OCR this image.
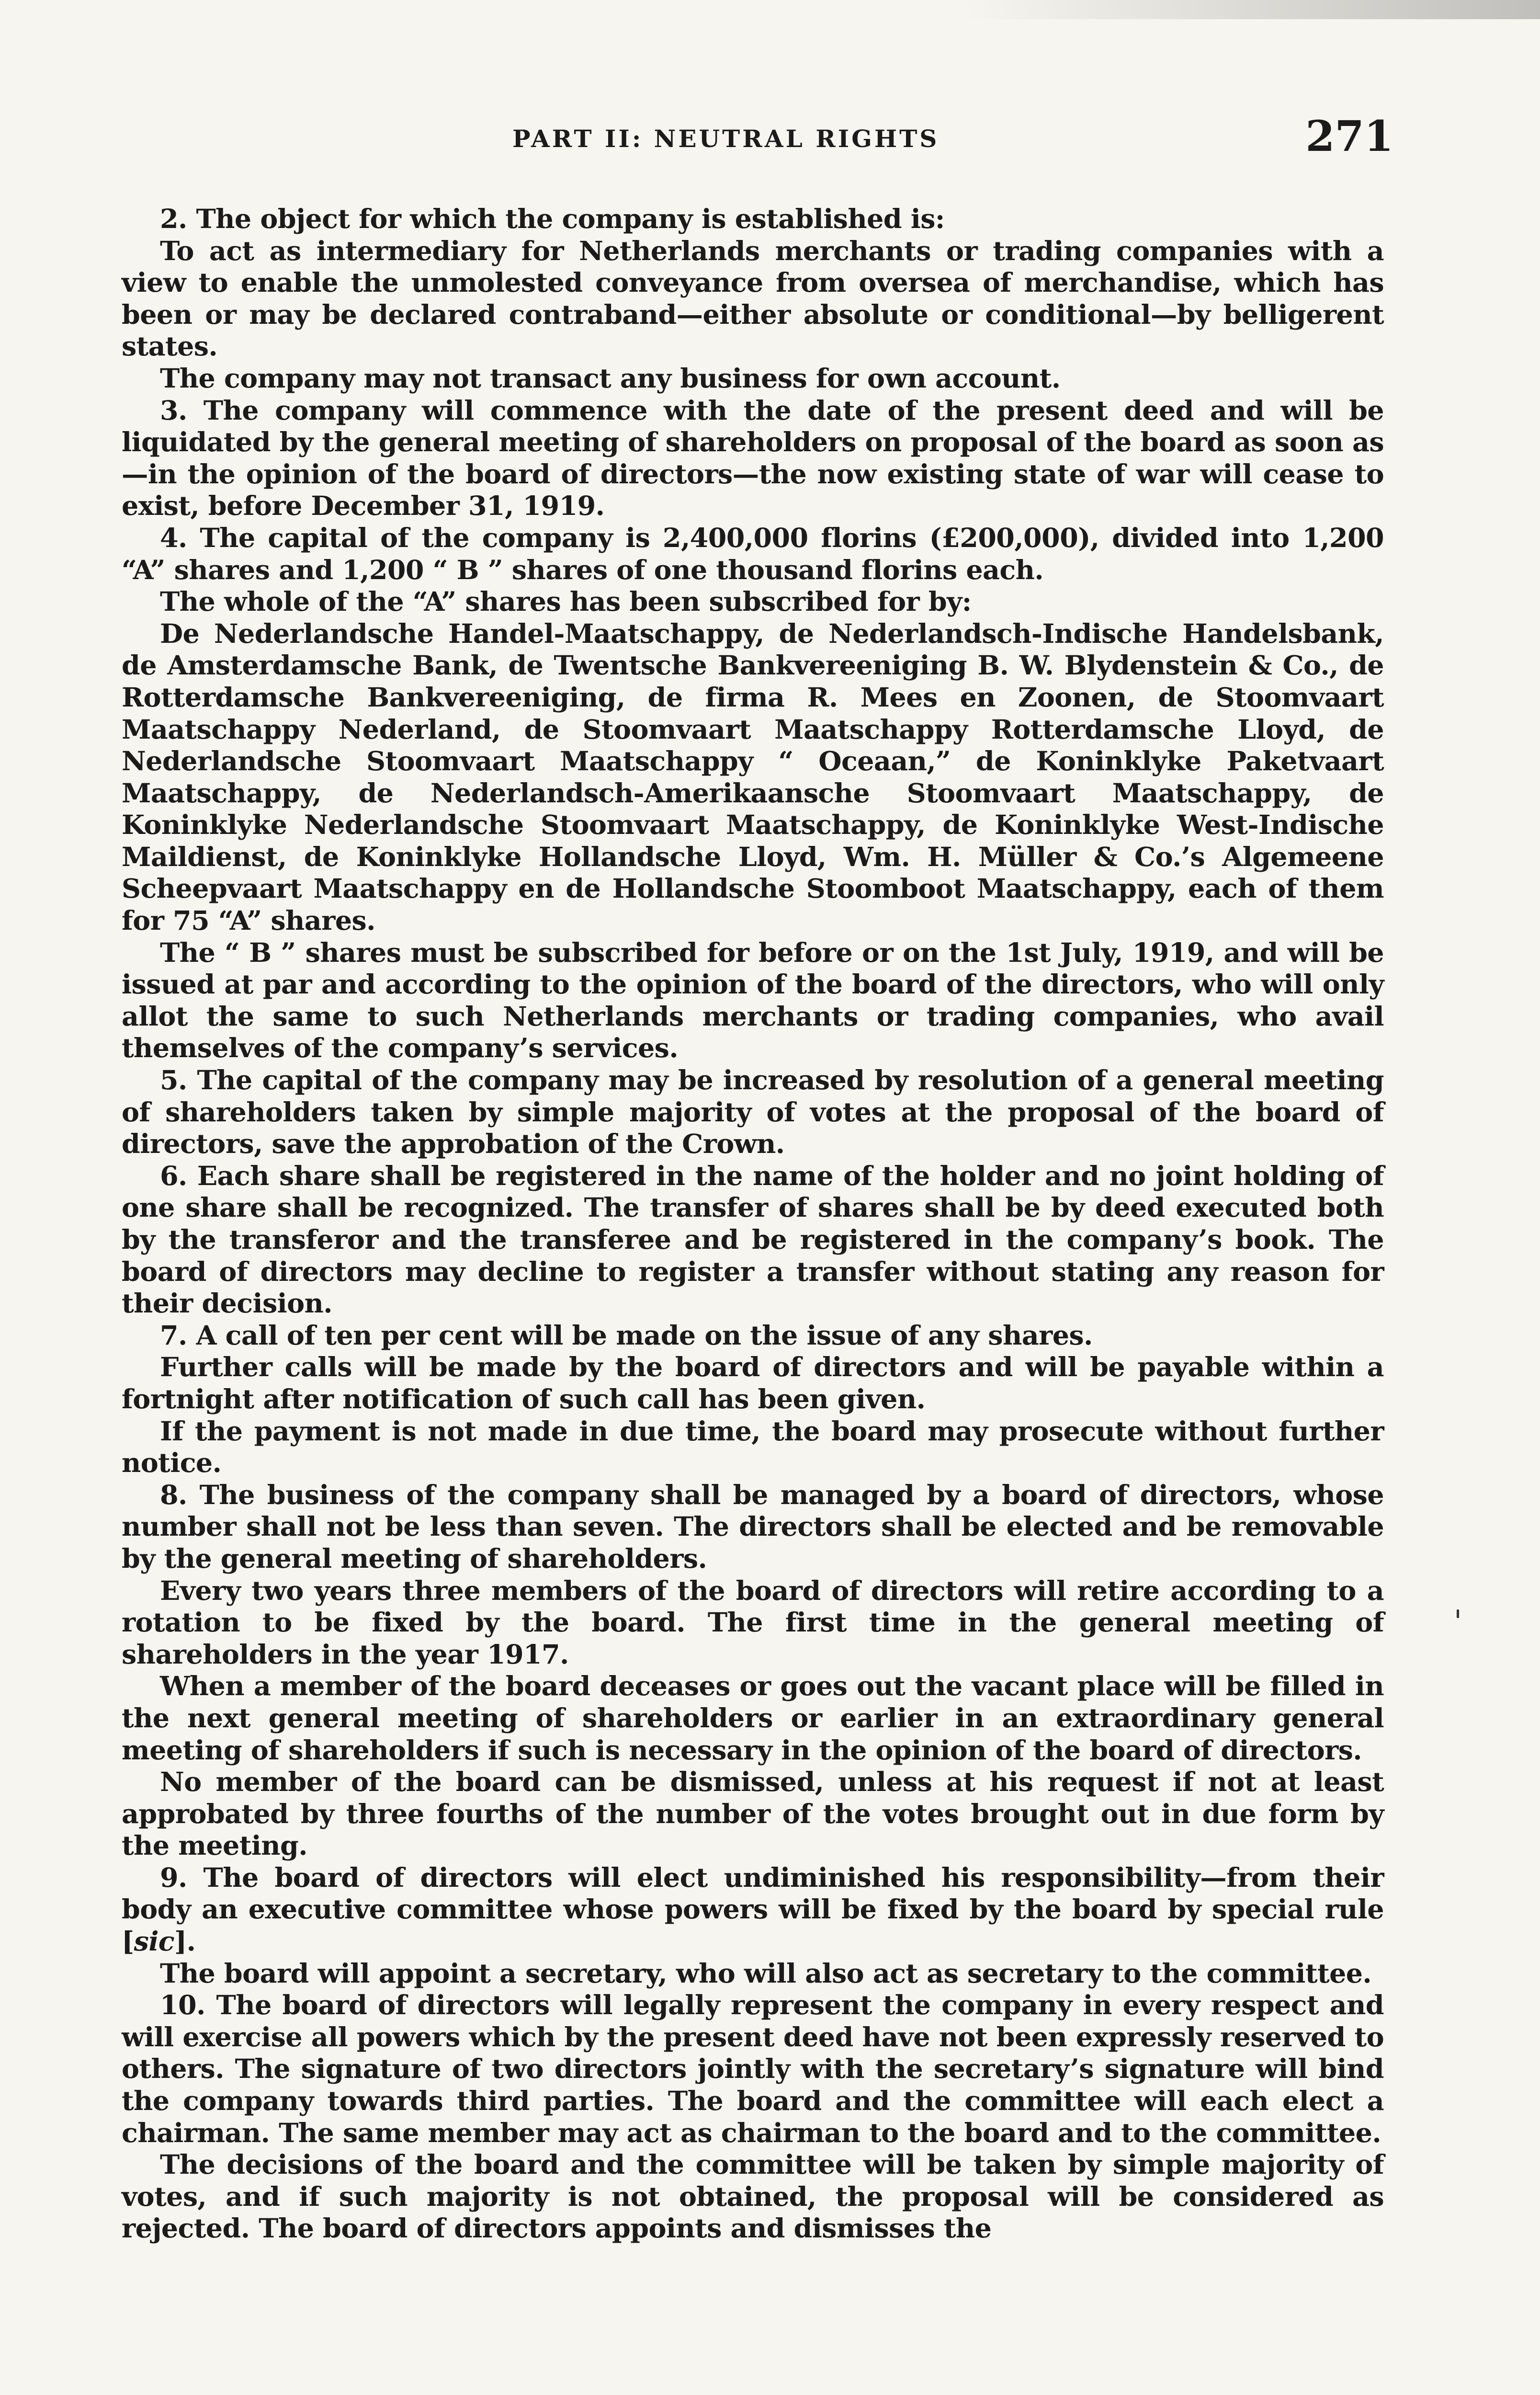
PART II: NEUTRAL RIGHTS	271

2. The object for which the company is established is:

To act as intermediary for Netherlands merchants or trading companies with a view to enable the unmolested conveyance from oversea of merchandise, which has been or may be declared contraband—either absolute or conditional—by belligerent states.

The company may not transact any business for own account.

3. The company will commence with the date of the present deed and will be liquidated by the general meeting of shareholders on proposal of the board as soon as—in the opinion of the board of directors—the now existing state of war will cease to exist, before December 31, 1919.

4. The capital of the company is 2,400,000 florins (£200,000), divided into 1,200 “A” shares and 1,200 “ B ” shares of one thousand florins each.

The whole of the “A” shares has been subscribed for by:

De Nederlandsche Handel-Maatschappy, de Nederlandsch-Indische Handelsbank, de Amsterdamsche Bank, de Twentsche Bankvereeniging B. W. Blydenstein & Co., de Rotterdamsche Bankvereeniging, de firma R. Mees en Zoonen, de Stoomvaart Maatschappy Nederland, de Stoomvaart Maatschappy Rotterdamsche Lloyd, de Nederlandsche Stoomvaart Maatschappy “ Oceaan,” de Koninklyke Paketvaart Maatschappy, de Nederlandsch-Amerikaansche Stoomvaart Maatschappy, de Koninklyke Nederlandsche Stoomvaart Maatschappy, de Koninklyke West-Indische Maildienst, de Koninklyke Hollandsche Lloyd, Wm. H. Müller & Co.’s Algemeene Scheepvaart Maatschappy en de Hollandsche Stoomboot Maatschappy, each of them for 75 “A” shares.

The “ B ” shares must be subscribed for before or on the 1st July, 1919, and will be issued at par and according to the opinion of the board of the directors, who will only allot the same to such Netherlands merchants or trading companies, who avail themselves of the company’s services.

5. The capital of the company may be increased by resolution of a general meeting of shareholders taken by simple majority of votes at the proposal of the board of directors, save the approbation of the Crown.

6. Each share shall be registered in the name of the holder and no joint holding of one share shall be recognized. The transfer of shares shall be by deed executed both by the transferor and the transferee and be registered in the company’s book. The board of directors may decline to register a transfer without stating any reason for their decision.

7. A call of ten per cent will be made on the issue of any shares.

Further calls will be made by the board of directors and will be payable within a fortnight after notification of such call has been given.

If the payment is not made in due time, the board may prosecute without further notice.

8. The business of the company shall be managed by a board of directors, whose number shall not be less than seven. The directors shall be elected and be removable by the general meeting of shareholders.

Every two years three members of the board of directors will retire according to a rotation to be fixed by the board. The first time in the general meeting of shareholders in the year 1917.

When a member of the board deceases or goes out the vacant place will be filled in the next general meeting of shareholders or earlier in an extraordinary general meeting of shareholders if such is necessary in the opinion of the board of directors.

No member of the board can be dismissed, unless at his request if not at least approbated by three fourths of the number of the votes brought out in due form by the meeting.

9. The board of directors will elect undiminished his responsibility—from their body an executive committee whose powers will be fixed by the board by special rule [sic].

The board will appoint a secretary, who will also act as secretary to the committee.

10. The board of directors will legally represent the company in every respect and will exercise all powers which by the present deed have not been expressly reserved to others. The signature of two directors jointly with the secretary’s signature will bind the company towards third parties. The board and the committee will each elect a chairman. The same member may act as chairman to the board and to the committee.

The decisions of the board and the committee will be taken by simple majority of votes, and if such majority is not obtained, the proposal will be considered as rejected. The board of directors appoints and dismisses the
